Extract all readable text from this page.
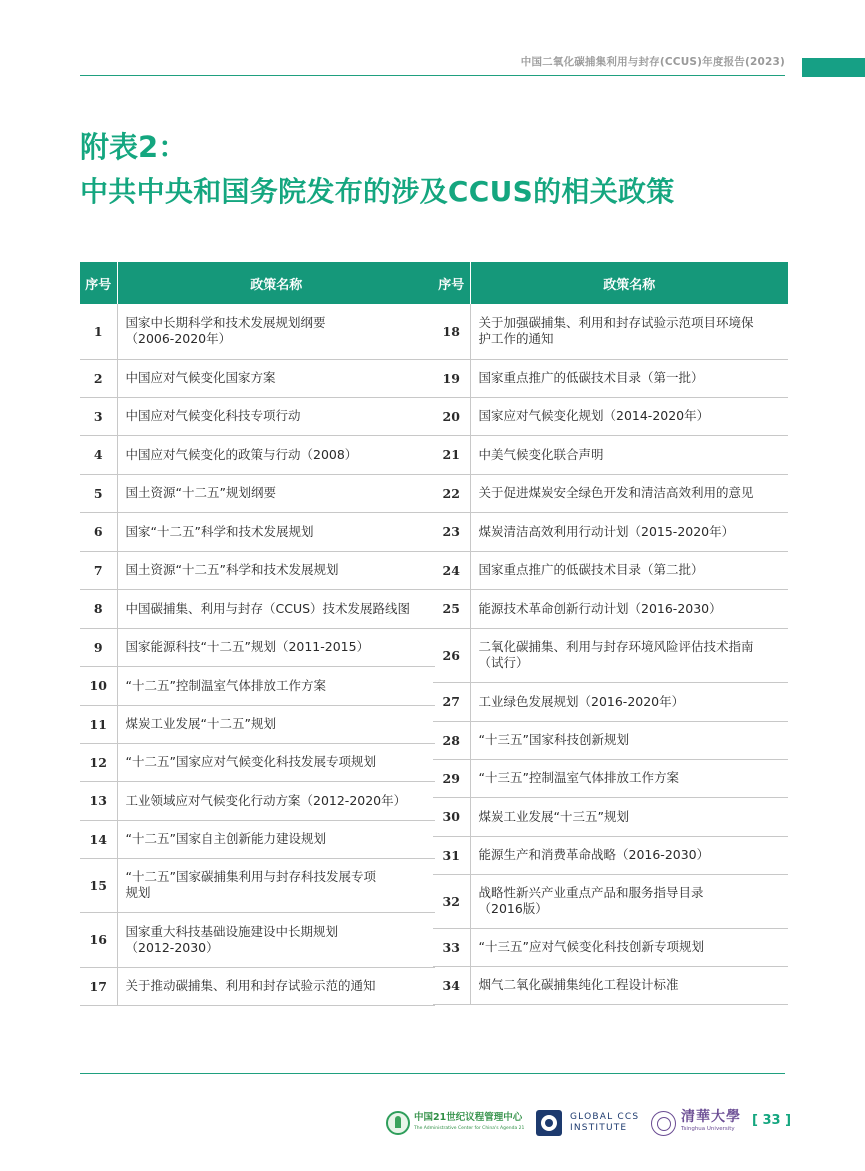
中国二氧化碳捕集利用与封存(CCUS)年度报告(2023)
附表2：
中共中央和国务院发布的涉及CCUS的相关政策
序号	政策名称
1	国家中长期科学和技术发展规划纲要
（2006-2020年）
2	中国应对气候变化国家方案
3	中国应对气候变化科技专项行动
4	中国应对气候变化的政策与行动（2008）
5	国土资源“十二五”规划纲要
6	国家“十二五”科学和技术发展规划
7	国土资源“十二五”科学和技术发展规划
8	中国碳捕集、利用与封存（CCUS）技术发展路线图
9	国家能源科技“十二五”规划（2011-2015）
10	“十二五”控制温室气体排放工作方案
11	煤炭工业发展“十二五”规划
12	“十二五”国家应对气候变化科技发展专项规划
13	工业领域应对气候变化行动方案（2012-2020年）
14	“十二五”国家自主创新能力建设规划
15	“十二五”国家碳捕集利用与封存科技发展专项
规划
16	国家重大科技基础设施建设中长期规划
（2012-2030）
17	关于推动碳捕集、利用和封存试验示范的通知
序号	政策名称
18	关于加强碳捕集、利用和封存试验示范项目环境保
护工作的通知
19	国家重点推广的低碳技术目录（第一批）
20	国家应对气候变化规划（2014-2020年）
21	中美气候变化联合声明
22	关于促进煤炭安全绿色开发和清洁高效利用的意见
23	煤炭清洁高效利用行动计划（2015-2020年）
24	国家重点推广的低碳技术目录（第二批）
25	能源技术革命创新行动计划（2016-2030）
26	二氧化碳捕集、利用与封存环境风险评估技术指南
（试行）
27	工业绿色发展规划（2016-2020年）
28	“十三五”国家科技创新规划
29	“十三五”控制温室气体排放工作方案
30	煤炭工业发展“十三五”规划
31	能源生产和消费革命战略（2016-2030）
32	战略性新兴产业重点产品和服务指导目录
（2016版）
33	“十三五”应对气候变化科技创新专项规划
34	烟气二氧化碳捕集纯化工程设计标准
中国21世纪议程管理中心
The Administrative Center for China's Agenda 21
GLOBAL CCS
INSTITUTE
清華大學
Tsinghua University
[ 33 ]
